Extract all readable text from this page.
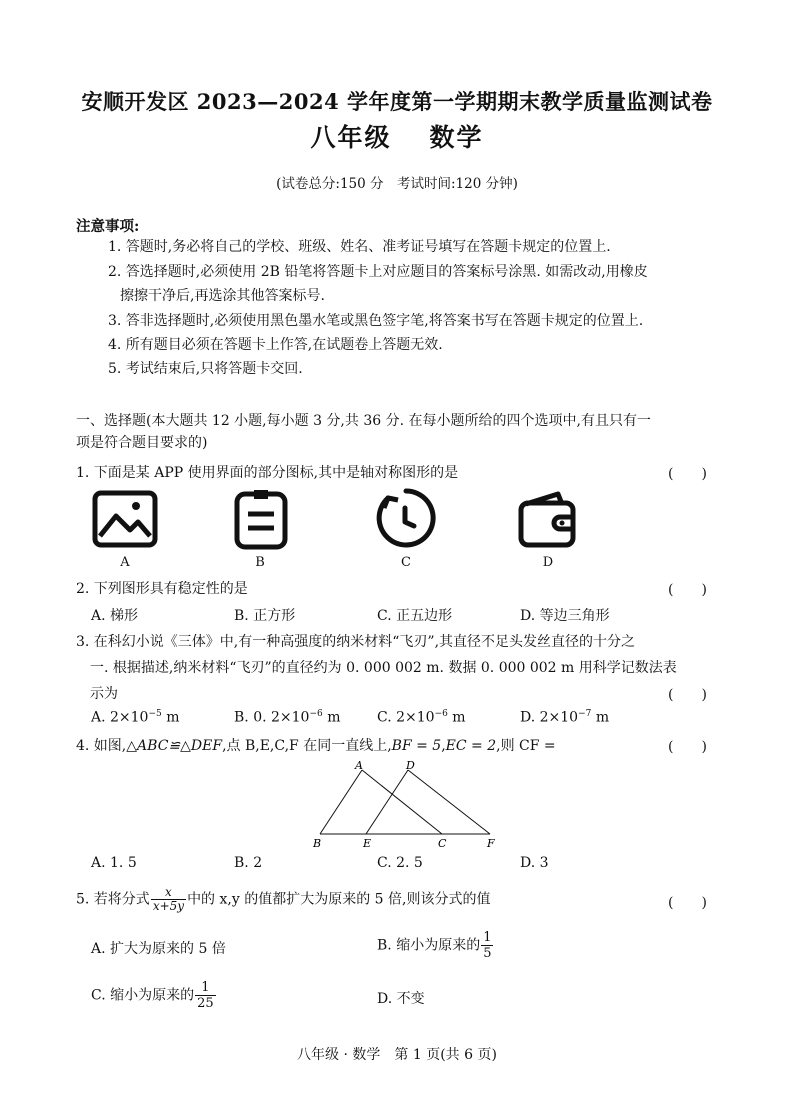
安顺开发区 2023—2024 学年度第一学期期末教学质量监测试卷
八年级 数学
(试卷总分:150 分　考试时间:120 分钟)
注意事项:
1. 答题时,务必将自己的学校、班级、姓名、准考证号填写在答题卡规定的位置上.
2. 答选择题时,必须使用 2B 铅笔将答题卡上对应题目的答案标号涂黑. 如需改动,用橡皮
擦擦干净后,再选涂其他答案标号.
3. 答非选择题时,必须使用黑色墨水笔或黑色签字笔,将答案书写在答题卡规定的位置上.
4. 所有题目必须在答题卡上作答,在试题卷上答题无效.
5. 考试结束后,只将答题卡交回.
一、选择题(本大题共 12 小题,每小题 3 分,共 36 分. 在每小题所给的四个选项中,有且只有一
项是符合题目要求的)
1. 下面是某 APP 使用界面的部分图标,其中是轴对称图形的是	(　　)
A	B	C	D
2. 下列图形具有稳定性的是	(　　)
A. 梯形	B. 正方形	C. 正五边形	D. 等边三角形
3. 在科幻小说《三体》中,有一种高强度的纳米材料“飞刃”,其直径不足头发丝直径的十分之
一. 根据描述,纳米材料“飞刃”的直径约为 0. 000 002 m. 数据 0. 000 002 m 用科学记数法表
示为	(　　)
A. $2\times 10^{-5}$ m	B. 0. $2\times 10^{-6}$ m	C. $2\times 10^{-6}$ m	D. $2\times 10^{-7}$ m
4. 如图,△ABC≌△DEF,点 B,E,C,F 在同一直线上,BF = 5,EC = 2,则 CF =	(　　)
A	D
B	E	C	F
A. 1. 5	B. 2	C. 2. 5	D. 3
5. 若将分式 $\frac{x}{x+5y}$ 中的 x,y 的值都扩大为原来的 5 倍,则该分式的值	(　　)
A. 扩大为原来的 5 倍	B. 缩小为原来的 $\frac{1}{5}$
C. 缩小为原来的 $\frac{1}{25}$	D. 不变
八年级 · 数学　第 1 页(共 6 页)
